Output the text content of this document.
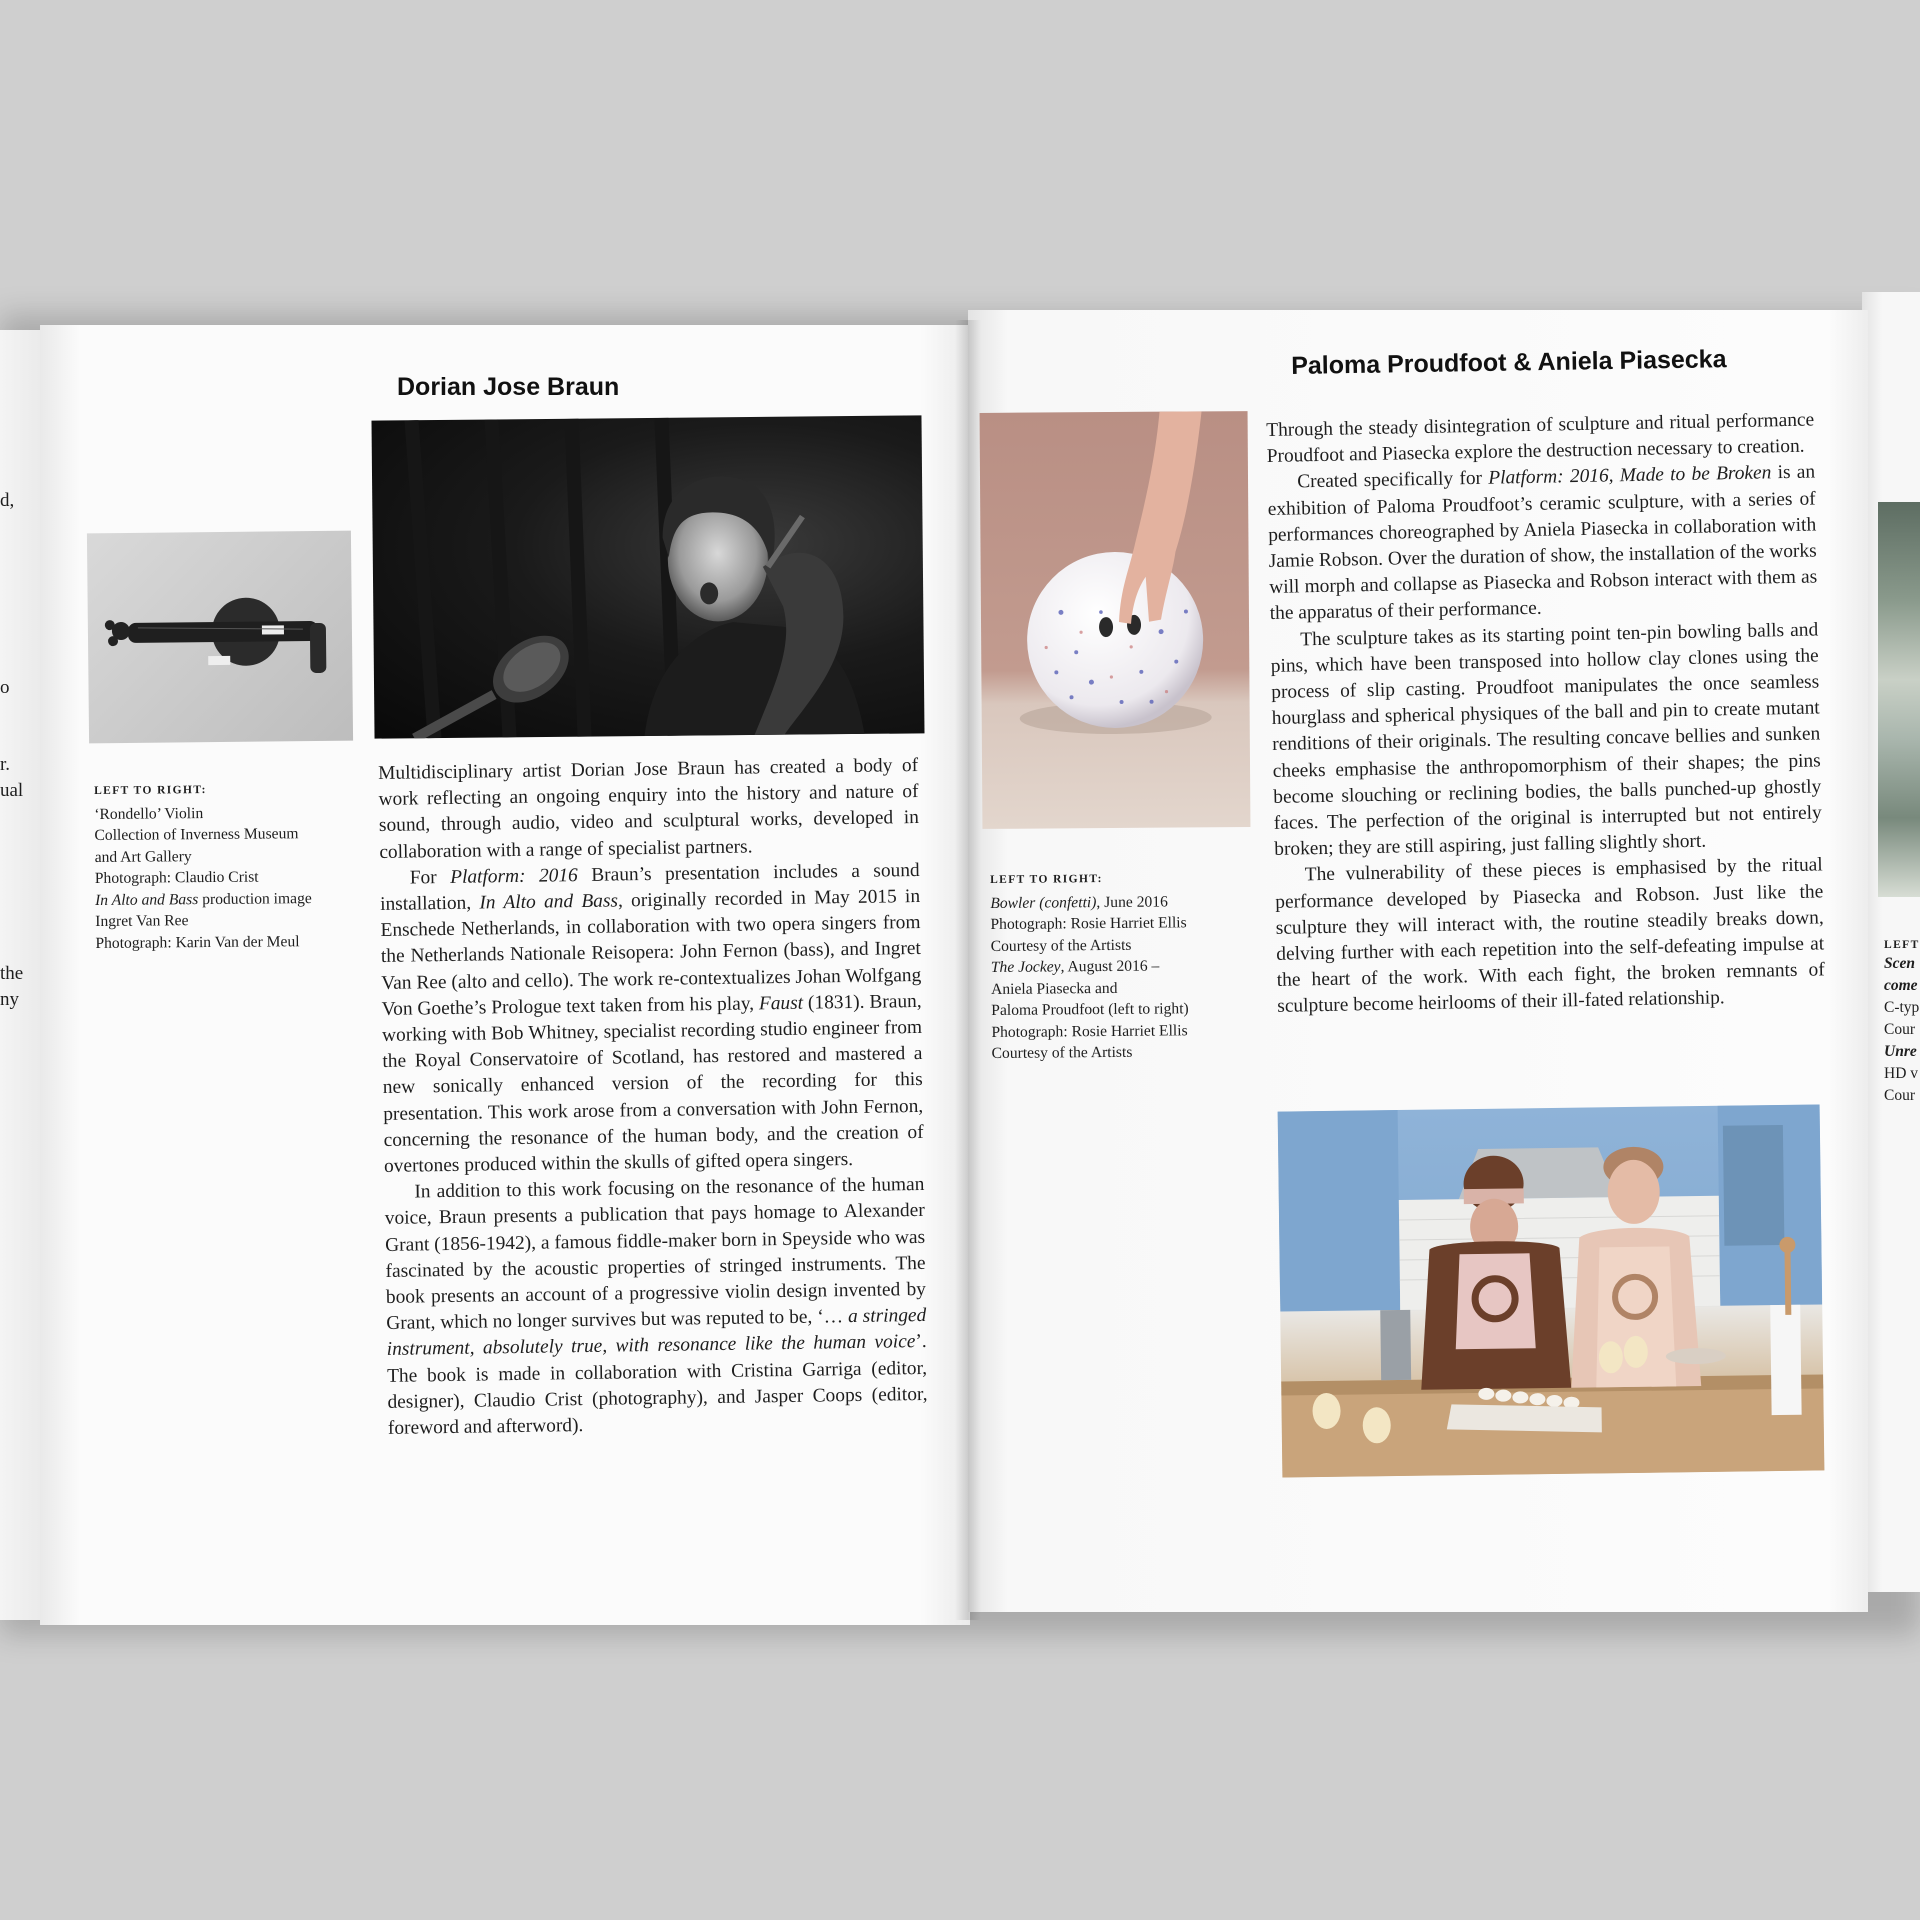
d,
o
r.
ual
the
ny
Dorian Jose Braun
LEFT TO RIGHT:
‘Rondello’ Violin
Collection of Inverness Museum
and Art Gallery
Photograph: Claudio Crist
In Alto and Bass production image
Ingret Van Ree
Photograph: Karin Van der Meul

Multidisciplinary artist Dorian Jose Braun has created a body of work reflecting an ongoing enquiry into the history and nature of sound, through audio, video and sculptural works, developed in collaboration with a range of specialist partners.

For Platform: 2016 Braun’s presentation includes a sound installation, In Alto and Bass, originally recorded in May 2015 in Enschede Netherlands, in collaboration with two opera singers from the Netherlands Nationale Reisopera: John Fernon (bass), and Ingret Van Ree (alto and cello). The work re-contextualizes Johan Wolfgang Von Goethe’s Prologue text taken from his play, Faust (1831). Braun, working with Bob Whitney, specialist recording studio engineer from the Royal Conservatoire of Scotland, has restored and mastered a new sonically enhanced version of the recording for this presentation. This work arose from a conversation with John Fernon, concerning the resonance of the human body, and the creation of overtones produced within the skulls of gifted opera singers.

In addition to this work focusing on the resonance of the human voice, Braun presents a publication that pays homage to Alexander Grant (1856-1942), a famous fiddle-maker born in Speyside who was fascinated by the acoustic properties of stringed instruments. The book presents an account of a progressive violin design invented by Grant, which no longer survives but was reputed to be, ‘… a stringed instrument, absolutely true, with resonance like the human voice’. The book is made in collaboration with Cristina Garriga (editor, designer), Claudio Crist (photography), and Jasper Coops (editor, foreword and afterword).

Paloma Proudfoot & Aniela Piasecka
LEFT TO RIGHT:
Bowler (confetti), June 2016
Photograph: Rosie Harriet Ellis
Courtesy of the Artists
The Jockey, August 2016 –
Aniela Piasecka and
Paloma Proudfoot (left to right)
Photograph: Rosie Harriet Ellis
Courtesy of the Artists

Through the steady disintegration of sculpture and ritual performance Proudfoot and Piasecka explore the destruction necessary to creation.

Created specifically for Platform: 2016, Made to be Broken is an exhibition of Paloma Proudfoot’s ceramic sculpture, with a series of performances choreographed by Aniela Piasecka in collaboration with Jamie Robson. Over the duration of show, the installation of the works will morph and collapse as Piasecka and Robson interact with them as the apparatus of their performance.

The sculpture takes as its starting point ten-pin bowling balls and pins, which have been transposed into hollow clay clones using the process of slip casting. Proudfoot manipulates the once seamless hourglass and spherical physiques of the ball and pin to create mutant renditions of their originals. The resulting concave bellies and sunken cheeks emphasise the anthropomorphism of their shapes; the pins become slouching or reclining bodies, the balls punched-up ghostly faces. The perfection of the original is interrupted but not entirely broken; they are still aspiring, just falling slightly short.

The vulnerability of these pieces is emphasised by the ritual performance developed by Piasecka and Robson. Just like the sculpture they will interact with, the routine steadily breaks down, delving further with each repetition into the self-defeating impulse at the heart of the work. With each fight, the broken remnants of sculpture become heirlooms of their ill-fated relationship.

LEFT
Scen
come
C-typ
Cour
Unre
HD v
Cour
